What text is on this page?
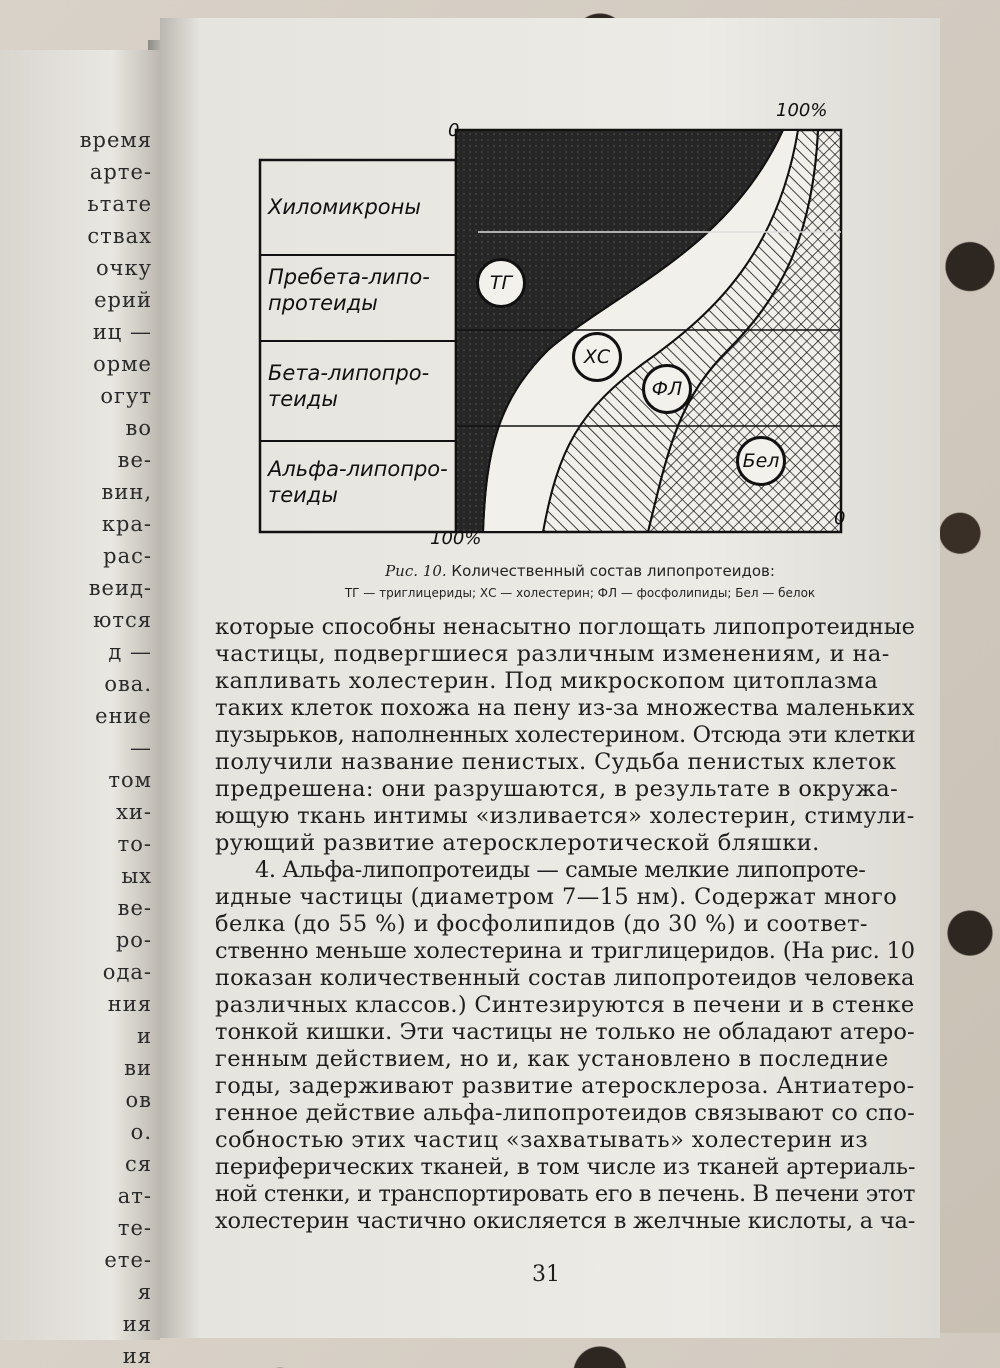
время
арте-
ьтате
ствах
очку
ерий
иц —
орме
огут
во
ве-
вин,
кра-
рас-
веид-
ются
д —
ова.
ение
—
том
хи-
то-
ых
ве-
ро-
ода-
ния
и
ви
ов
о.
ся
ат-
те-
ете-
я
ия
ия
0
100%
100%
0
Хиломикроны
Пребета-липо-протеиды
Бета-липопро-теиды
Альфа-липопро-теиды
ТГ
ХС
ФЛ
Бел
Рис. 10. Количественный состав липопротеидов:
ТГ — триглицериды; ХС — холестерин; ФЛ — фосфолипиды; Бел — белок
которые способны ненасытно поглощать липопротеидные
частицы, подвергшиеся различным изменениям, и на-
капливать холестерин. Под микроскопом цитоплазма
таких клеток похожа на пену из-за множества маленьких
пузырьков, наполненных холестерином. Отсюда эти клетки
получили название пенистых. Судьба пенистых клеток
предрешена: они разрушаются, в результате в окружа-
ющую ткань интимы «изливается» холестерин, стимули-
рующий развитие атеросклеротической бляшки.
4. Альфа-липопротеиды — самые мелкие липопроте-
идные частицы (диаметром 7—15 нм). Содержат много
белка (до 55 %) и фосфолипидов (до 30 %) и соответ-
ственно меньше холестерина и триглицеридов. (На рис. 10
показан количественный состав липопротеидов человека
различных классов.) Синтезируются в печени и в стенке
тонкой кишки. Эти частицы не только не обладают атеро-
генным действием, но и, как установлено в последние
годы, задерживают развитие атеросклероза. Антиатеро-
генное действие альфа-липопротеидов связывают со спо-
собностью этих частиц «захватывать» холестерин из
периферических тканей, в том числе из тканей артериаль-
ной стенки, и транспортировать его в печень. В печени этот
холестерин частично окисляется в желчные кислоты, а ча-
31
